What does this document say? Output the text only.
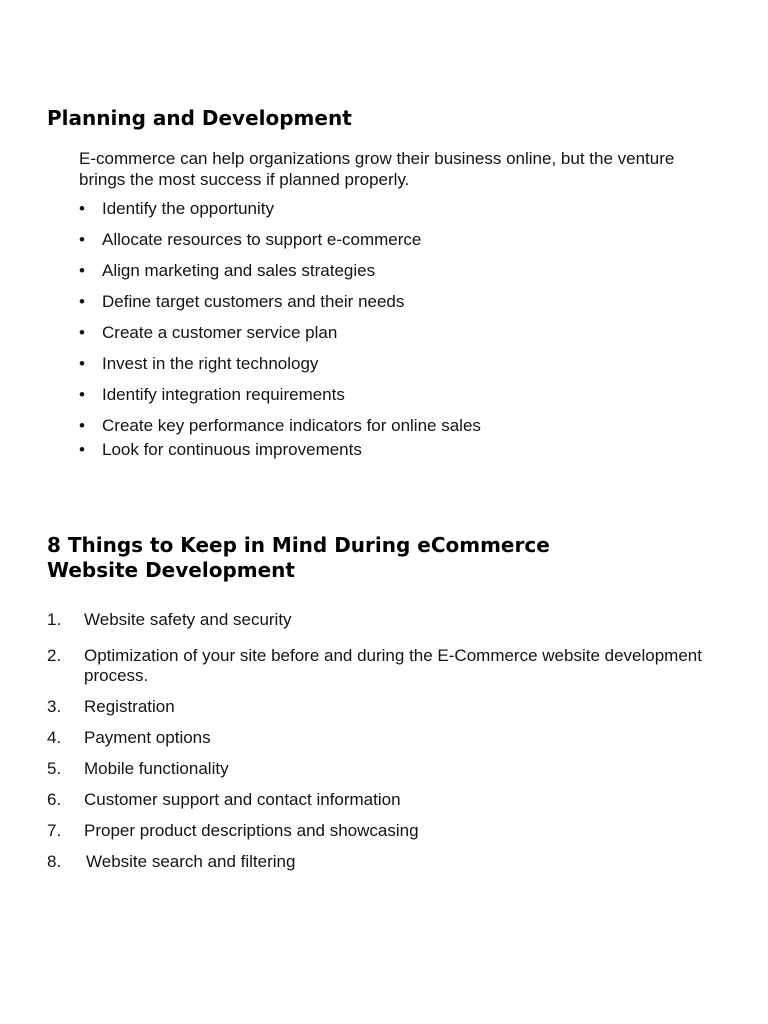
Planning and Development

E-commerce can help organizations grow their business online, but the venture brings the most success if planned properly.

•	Identify the opportunity
•	Allocate resources to support e-commerce
•	Align marketing and sales strategies
•	Define target customers and their needs
•	Create a customer service plan
•	Invest in the right technology
•	Identify integration requirements
•	Create key performance indicators for online sales
•	Look for continuous improvements
8 Things to Keep in Mind During eCommerce
Website Development
1.	Website safety and security
2.	Optimization of your site before and during the E-Commerce website development process.
3.	Registration
4.	Payment options
5.	Mobile functionality
6.	Customer support and contact information
7.	Proper product descriptions and showcasing
8.	Website search and filtering
